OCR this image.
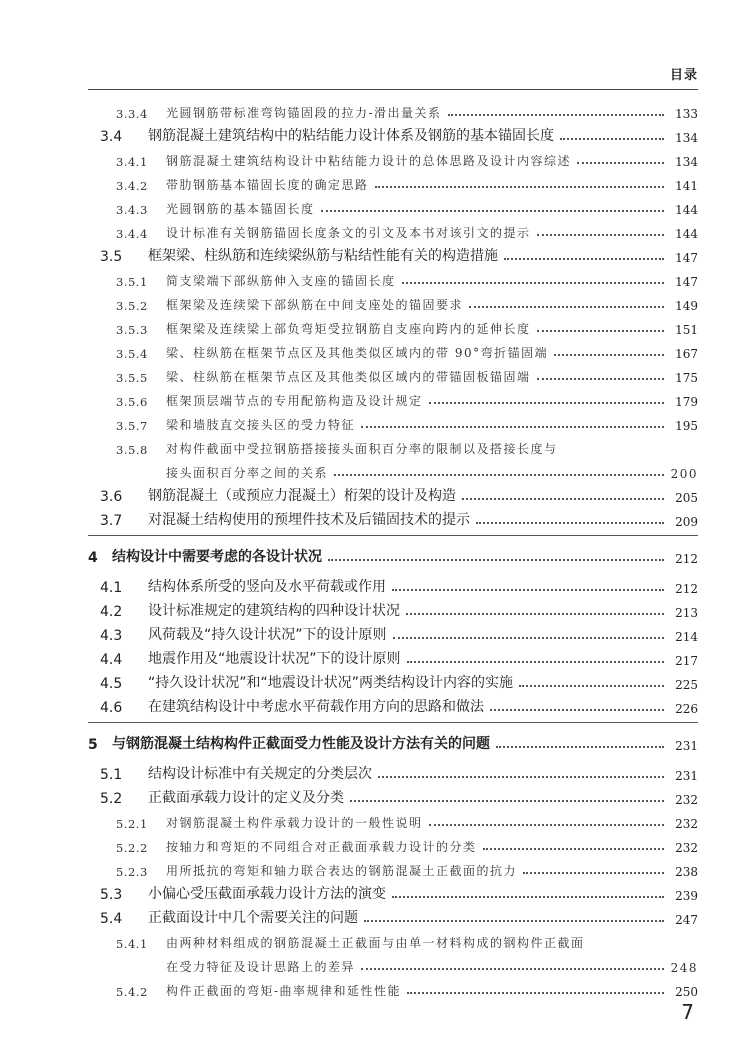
目录
3.3.4	光圆钢筋带标准弯钩锚固段的拉力-滑出量关系	133
3.4	钢筋混凝土建筑结构中的粘结能力设计体系及钢筋的基本锚固长度	134
3.4.1	钢筋混凝土建筑结构设计中粘结能力设计的总体思路及设计内容综述	134
3.4.2	带肋钢筋基本锚固长度的确定思路	141
3.4.3	光圆钢筋的基本锚固长度	144
3.4.4	设计标准有关钢筋锚固长度条文的引文及本书对该引文的提示	144
3.5	框架梁、柱纵筋和连续梁纵筋与粘结性能有关的构造措施	147
3.5.1	简支梁端下部纵筋伸入支座的锚固长度	147
3.5.2	框架梁及连续梁下部纵筋在中间支座处的锚固要求	149
3.5.3	框架梁及连续梁上部负弯矩受拉钢筋自支座向跨内的延伸长度	151
3.5.4	梁、柱纵筋在框架节点区及其他类似区域内的带 90°弯折锚固端	167
3.5.5	梁、柱纵筋在框架节点区及其他类似区域内的带锚固板锚固端	175
3.5.6	框架顶层端节点的专用配筋构造及设计规定	179
3.5.7	梁和墙肢直交接头区的受力特征	195
3.5.8	对构件截面中受拉钢筋搭接接头面积百分率的限制以及搭接长度与
接头面积百分率之间的关系	200
3.6	钢筋混凝土（或预应力混凝土）桁架的设计及构造	205
3.7	对混凝土结构使用的预埋件技术及后锚固技术的提示	209
4	结构设计中需要考虑的各设计状况	212
4.1	结构体系所受的竖向及水平荷载或作用	212
4.2	设计标准规定的建筑结构的四种设计状况	213
4.3	风荷载及“持久设计状况”下的设计原则	214
4.4	地震作用及“地震设计状况”下的设计原则	217
4.5	“持久设计状况”和“地震设计状况”两类结构设计内容的实施	225
4.6	在建筑结构设计中考虑水平荷载作用方向的思路和做法	226
5	与钢筋混凝土结构构件正截面受力性能及设计方法有关的问题	231
5.1	结构设计标准中有关规定的分类层次	231
5.2	正截面承载力设计的定义及分类	232
5.2.1	对钢筋混凝土构件承载力设计的一般性说明	232
5.2.2	按轴力和弯矩的不同组合对正截面承载力设计的分类	232
5.2.3	用所抵抗的弯矩和轴力联合表达的钢筋混凝土正截面的抗力	238
5.3	小偏心受压截面承载力设计方法的演变	239
5.4	正截面设计中几个需要关注的问题	247
5.4.1	由两种材料组成的钢筋混凝土正截面与由单一材料构成的钢构件正截面
在受力特征及设计思路上的差异	248
5.4.2	构件正截面的弯矩-曲率规律和延性性能	250
7
